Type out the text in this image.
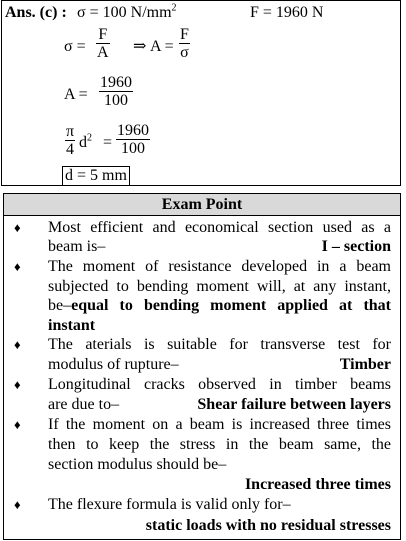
Ans. (c) : σ = 100 $N/mm^2$	F = 1960 N
σ =
F
A ⇒ A =
F
σ
A =
1960
100
π
4 $d^2$ =
1960
100
d = 5 mm
Exam Point
♦ Most efficient and economical section used as a
beam is–	I – section
♦ The moment of resistance developed in a beam
subjected to bending moment will, at any instant,
be–equal to bending moment applied at that
instant
♦ The aterials is suitable for transverse test for
modulus of rupture–	Timber
♦ Longitudinal cracks observed in timber beams
are due to–	Shear failure between layers
♦ If the moment on a beam is increased three times
then to keep the stress in the beam same, the
section modulus should be–
Increased three times
♦ The flexure formula is valid only for–
static loads with no residual stresses
